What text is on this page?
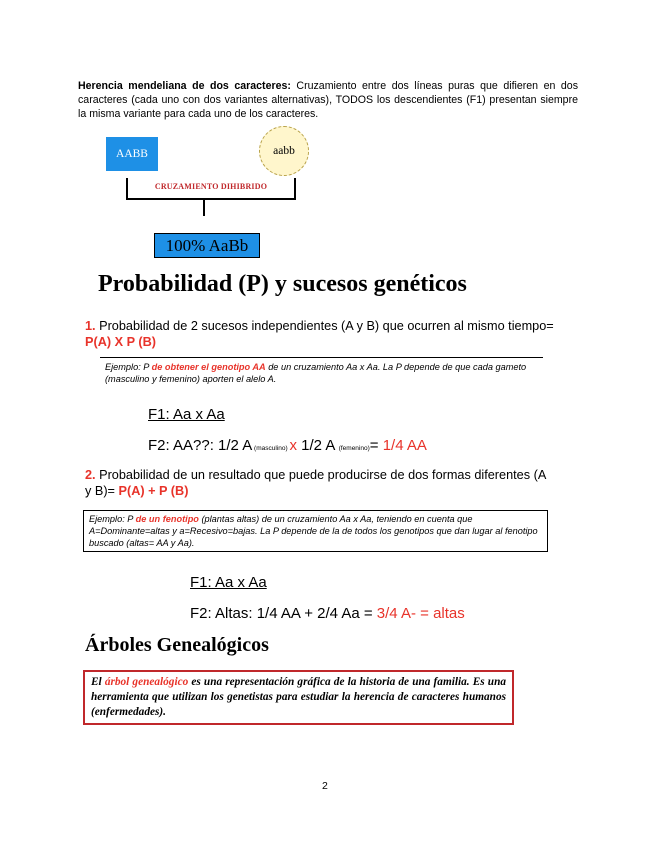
Herencia mendeliana de dos caracteres: Cruzamiento entre dos líneas puras que difieren en dos caracteres (cada uno con dos variantes alternativas), TODOS los descendientes (F1) presentan siempre la misma variante para cada uno de los caracteres.
AABB	aabb
CRUZAMIENTO DIHIBRIDO
100% AaBb
Probabilidad (P) y sucesos genéticos
1. Probabilidad de 2 sucesos independientes (A y B) que ocurren al mismo tiempo= P(A) X P (B)
Ejemplo: P de obtener el genotipo AA de un cruzamiento Aa x Aa. La P depende de que cada gameto (masculino y femenino) aporten el alelo A.
F1: Aa x Aa
F2: AA??: 1/2 A (masculino) x 1/2 A (femenino)= 1/4 AA
2. Probabilidad de un resultado que puede producirse de dos formas diferentes (A y B)= P(A) + P (B)
Ejemplo: P de un fenotipo (plantas altas) de un cruzamiento Aa x Aa, teniendo en cuenta que A=Dominante=altas y a=Recesivo=bajas. La P depende de la de todos los genotipos que dan lugar al fenotipo buscado (altas= AA y Aa).
F1: Aa x Aa
F2: Altas: 1/4 AA + 2/4 Aa = 3/4 A- = altas
Árboles Genealógicos
El árbol genealógico es una representación gráfica de la historia de una familia. Es una herramienta que utilizan los genetistas para estudiar la herencia de caracteres humanos (enfermedades).
2
